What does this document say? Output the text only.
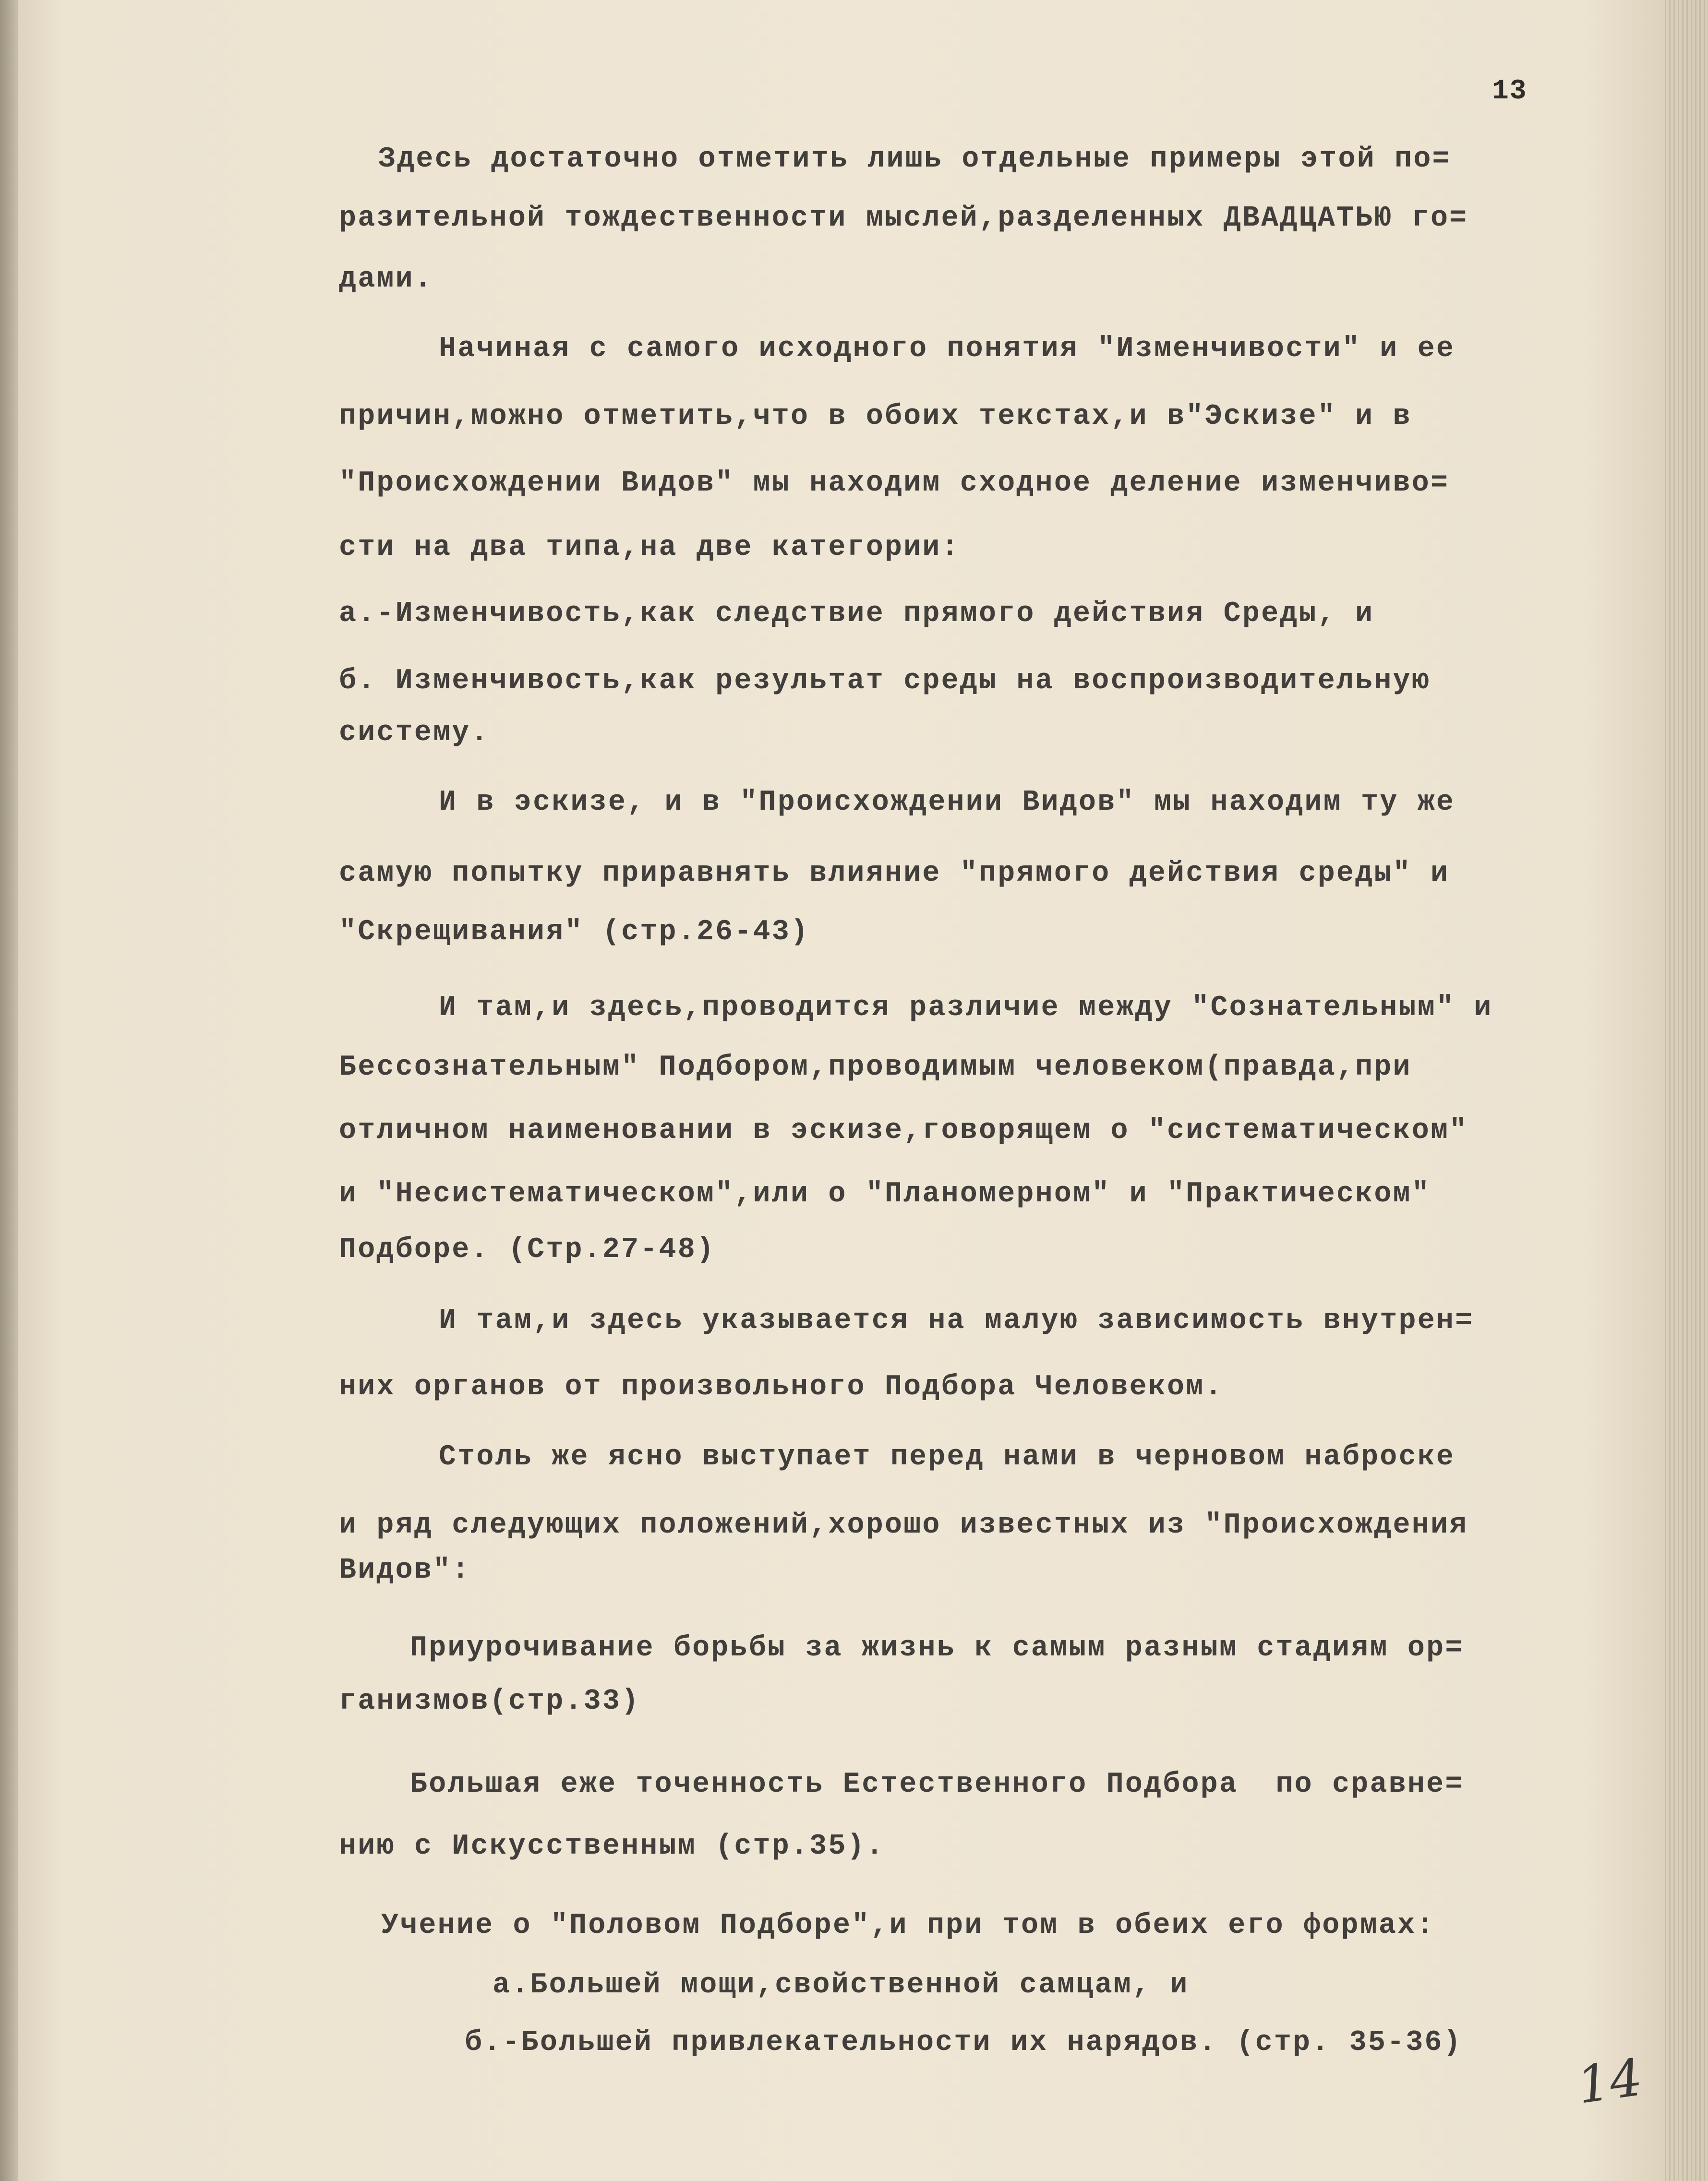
13
Здесь достаточно отметить лишь отдельные примеры этой по=
разительной тождественности мыслей,разделенных ДВАДЦАТЬЮ го=
дами.
Начиная с самого исходного понятия "Изменчивости" и ее
причин,можно отметить,что в обоих текстах,и в"Эскизе" и в
"Происхождении Видов" мы находим сходное деление изменчиво=
сти на два типа,на две категории:
а.-Изменчивость,как следствие прямого действия Среды, и
б. Изменчивость,как результат среды на воспроизводительную
систему.
И в эскизе, и в "Происхождении Видов" мы находим ту же
самую попытку приравнять влияние "прямого действия среды" и
"Скрещивания" (стр.26-43)
И там,и здесь,проводится различие между "Сознательным" и
Бессознательным" Подбором,проводимым человеком(правда,при
отличном наименовании в эскизе,говорящем о "систематическом"
и "Несистематическом",или о "Планомерном" и "Практическом"
Подборе. (Стр.27-48)
И там,и здесь указывается на малую зависимость внутрен=
них органов от произвольного Подбора Человеком.
Столь же ясно выступает перед нами в черновом наброске
и ряд следующих положений,хорошо известных из "Происхождения
Видов":
Приурочивание борьбы за жизнь к самым разным стадиям ор=
ганизмов(стр.33)
Большая еже точенность Естественного Подбора  по сравне=
нию с Искусственным (стр.35).
Учение о "Половом Подборе",и при том в обеих его формах:
а.Большей мощи,свойственной самцам, и
б.-Большей привлекательности их нарядов. (стр. 35-36)
14
